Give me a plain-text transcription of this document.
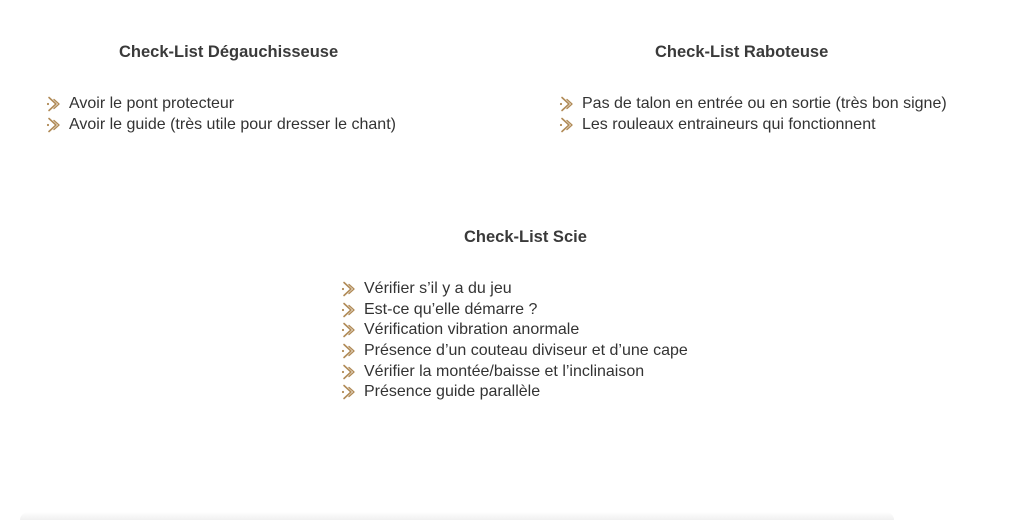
Check-List Dégauchisseuse
Avoir le pont protecteur
Avoir le guide (très utile pour dresser le chant)
Check-List Raboteuse
Pas de talon en entrée ou en sortie (très bon signe)
Les rouleaux entraineurs qui fonctionnent
Check-List Scie
Vérifier s’il y a du jeu
Est-ce qu’elle démarre ?
Vérification vibration anormale
Présence d’un couteau diviseur et d’une cape
Vérifier la montée/baisse et l’inclinaison
Présence guide parallèle
